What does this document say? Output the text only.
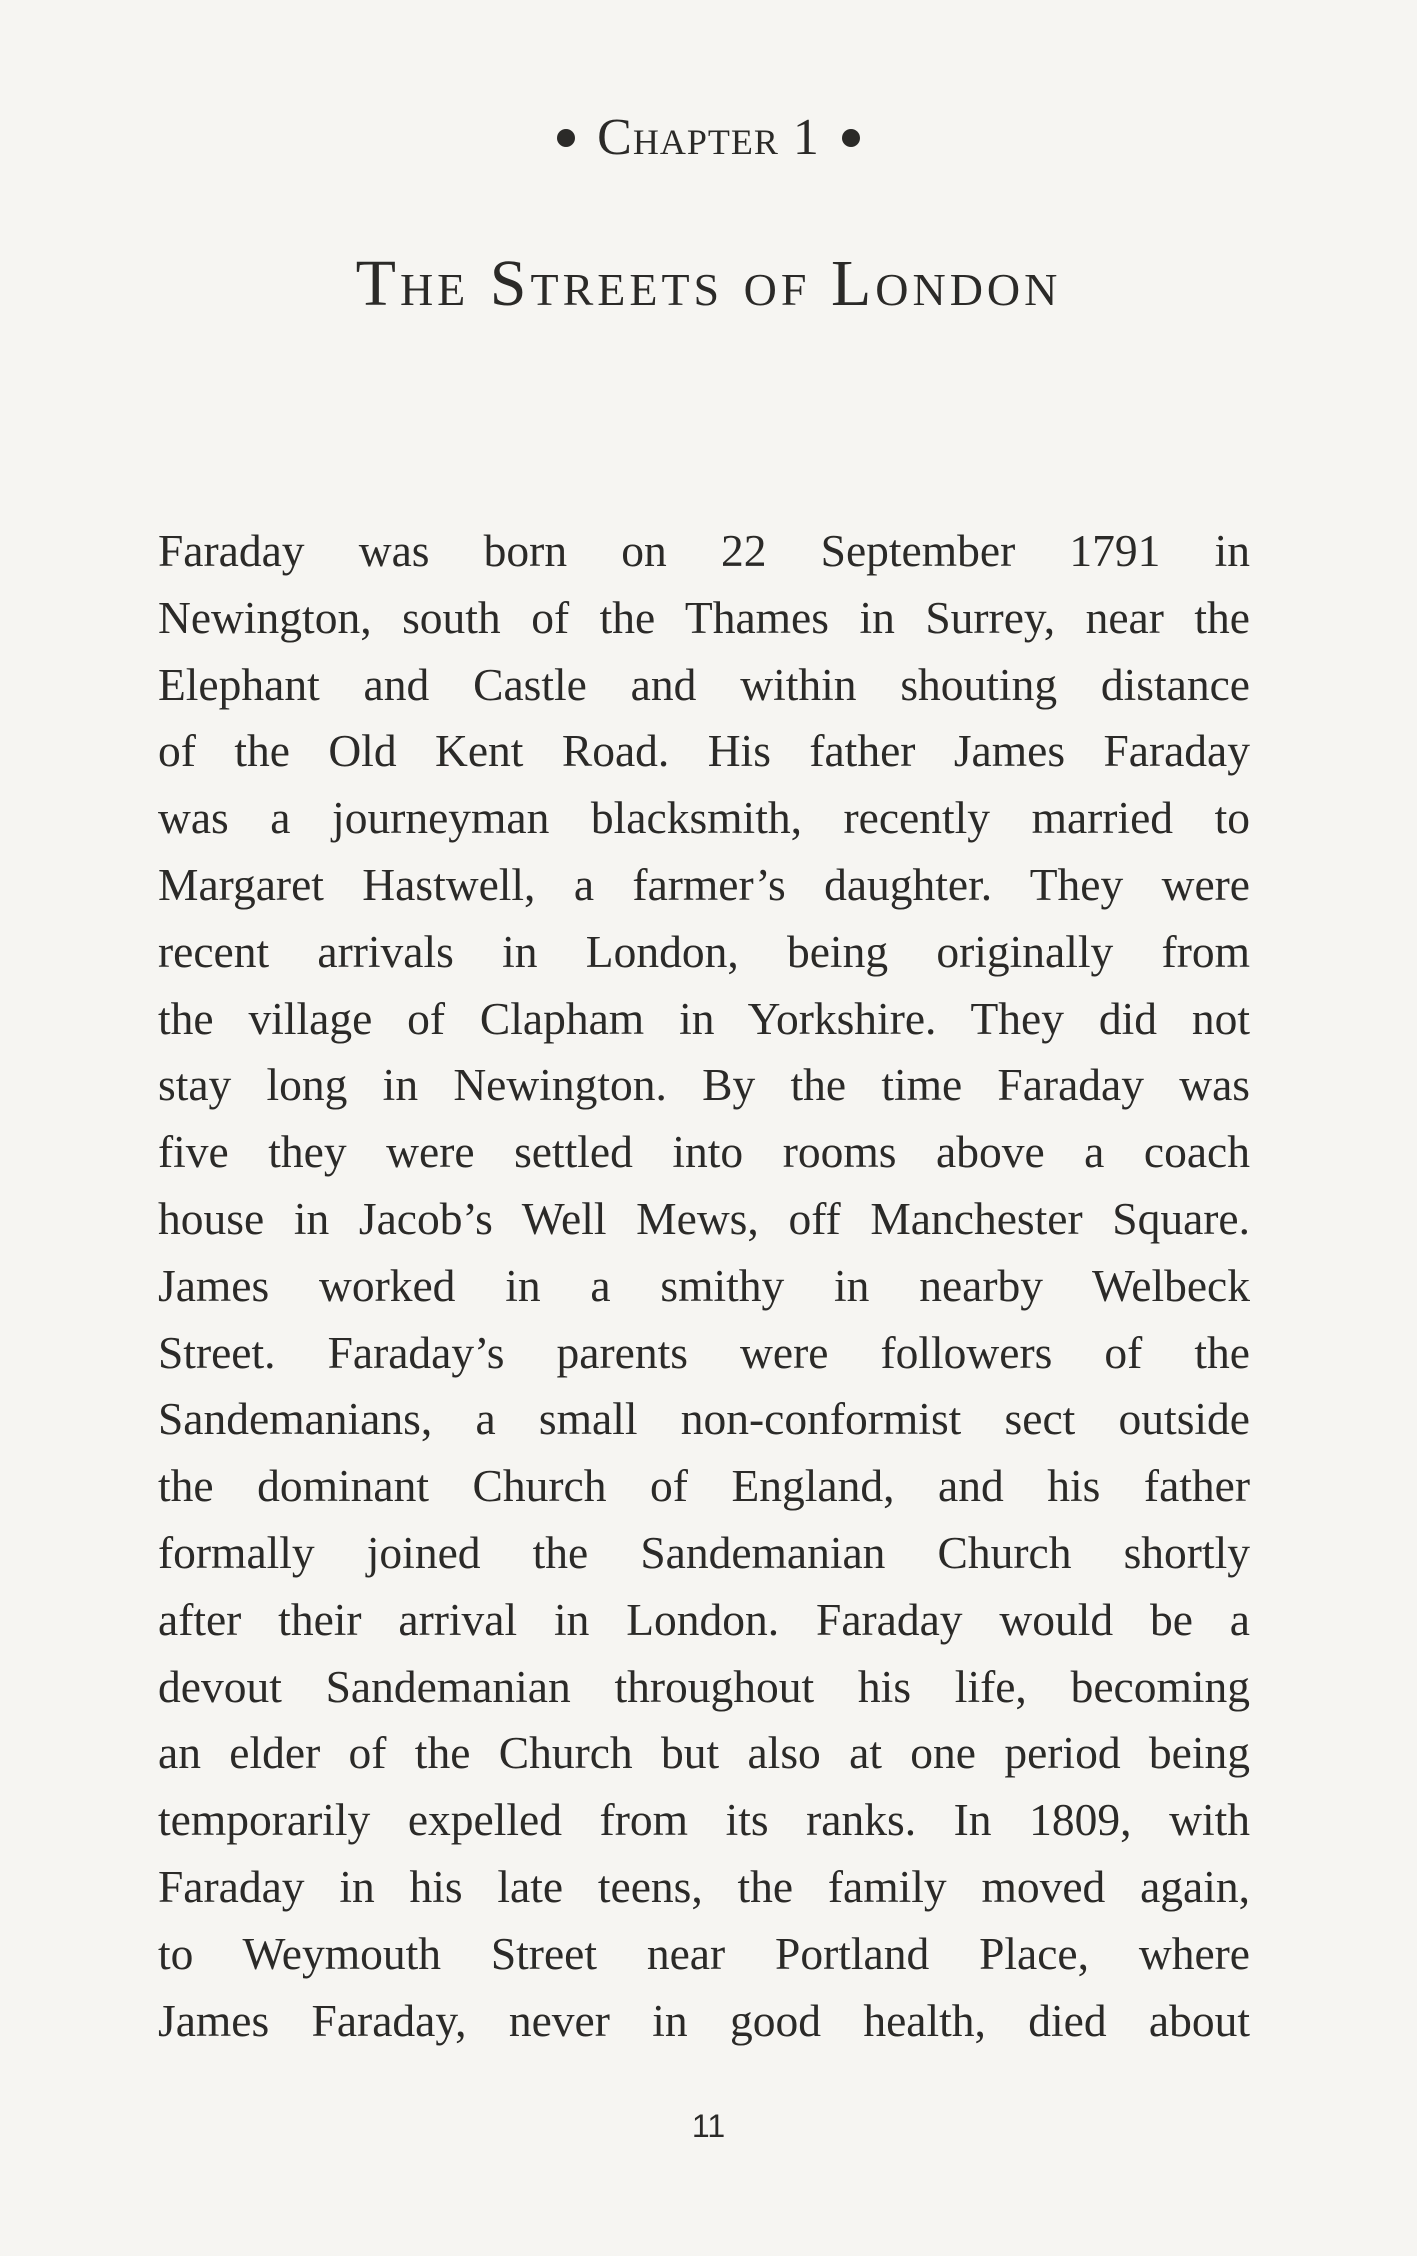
Chapter 1
The Streets of London
Faraday was born on 22 September 1791 in
Newington, south of the Thames in Surrey, near the
Elephant and Castle and within shouting distance
of the Old Kent Road. His father James Faraday
was a journeyman blacksmith, recently married to
Margaret Hastwell, a farmer’s daughter. They were
recent arrivals in London, being originally from
the village of Clapham in Yorkshire. They did not
stay long in Newington. By the time Faraday was
five they were settled into rooms above a coach
house in Jacob’s Well Mews, off Manchester Square.
James worked in a smithy in nearby Welbeck
Street. Faraday’s parents were followers of the
Sandemanians, a small non-conformist sect outside
the dominant Church of England, and his father
formally joined the Sandemanian Church shortly
after their arrival in London. Faraday would be a
devout Sandemanian throughout his life, becoming
an elder of the Church but also at one period being
temporarily expelled from its ranks. In 1809, with
Faraday in his late teens, the family moved again,
to Weymouth Street near Portland Place, where
James Faraday, never in good health, died about
11
